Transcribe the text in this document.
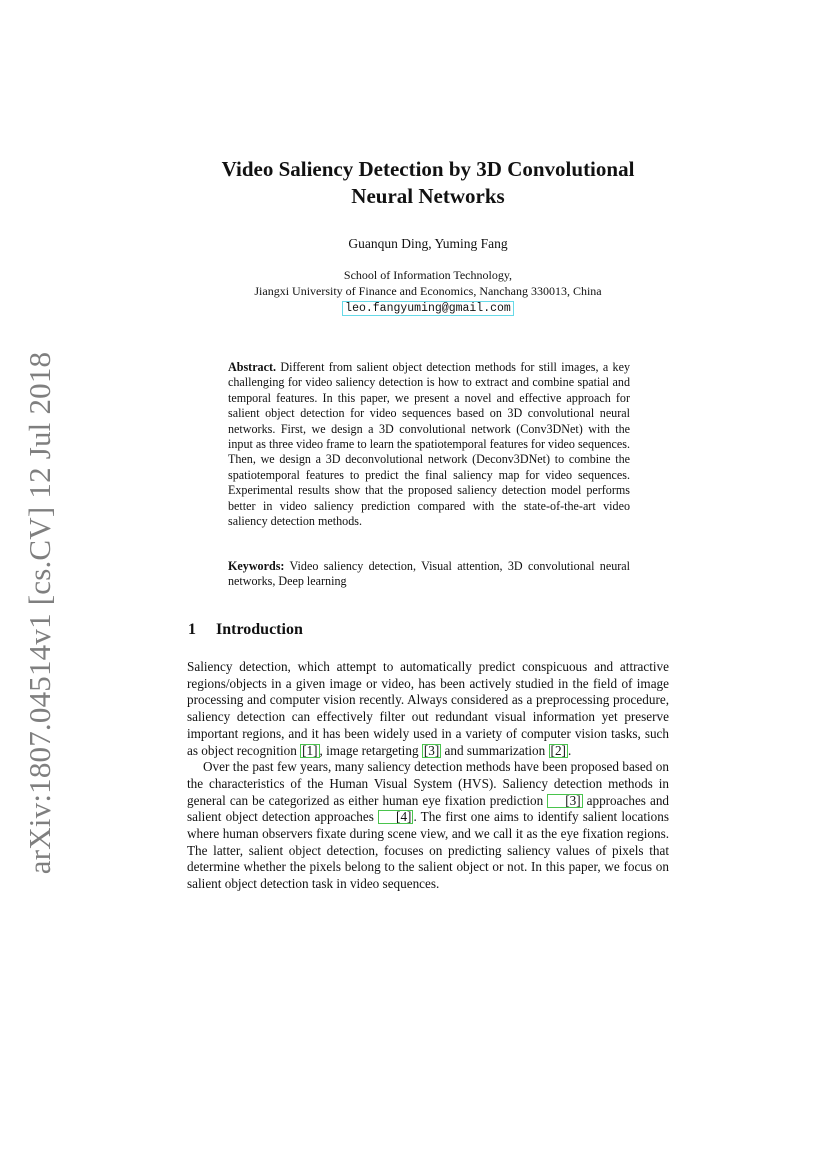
arXiv:1807.04514v1 [cs.CV] 12 Jul 2018
Video Saliency Detection by 3D Convolutional
Neural Networks
Guanqun Ding, Yuming Fang
School of Information Technology,
Jiangxi University of Finance and Economics, Nanchang 330013, China
leo.fangyuming@gmail.com
Abstract. Different from salient object detection methods for still images, a key challenging for video saliency detection is how to extract and combine spatial and temporal features. In this paper, we present a novel and effective approach for salient object detection for video sequences based on 3D convolutional neural networks. First, we design a 3D convolutional network (Conv3DNet) with the input as three video frame to learn the spatiotemporal features for video sequences. Then, we design a 3D deconvolutional network (Deconv3DNet) to combine the spatiotemporal features to predict the final saliency map for video sequences. Experimental results show that the proposed saliency detection model performs better in video saliency prediction compared with the state-of-the-art video saliency detection methods.
Keywords: Video saliency detection, Visual attention, 3D convolutional neural networks, Deep learning
1 Introduction

Saliency detection, which attempt to automatically predict conspicuous and attractive regions/objects in a given image or video, has been actively studied in the field of image processing and computer vision recently. Always considered as a preprocessing procedure, saliency detection can effectively filter out redundant visual information yet preserve important regions, and it has been widely used in a variety of computer vision tasks, such as object recognition [1] , image retargeting [3] and summarization [2] .

Over the past few years, many saliency detection methods have been proposed based on the characteristics of the Human Visual System (HVS). Saliency detection methods in general can be categorized as either human eye fixation prediction [3] approaches and salient object detection approaches [4] . The first one aims to identify salient locations where human observers fixate during scene view, and we call it as the eye fixation regions. The latter, salient object detection, focuses on predicting saliency values of pixels that determine whether the pixels belong to the salient object or not. In this paper, we focus on salient object detection task in video sequences.
